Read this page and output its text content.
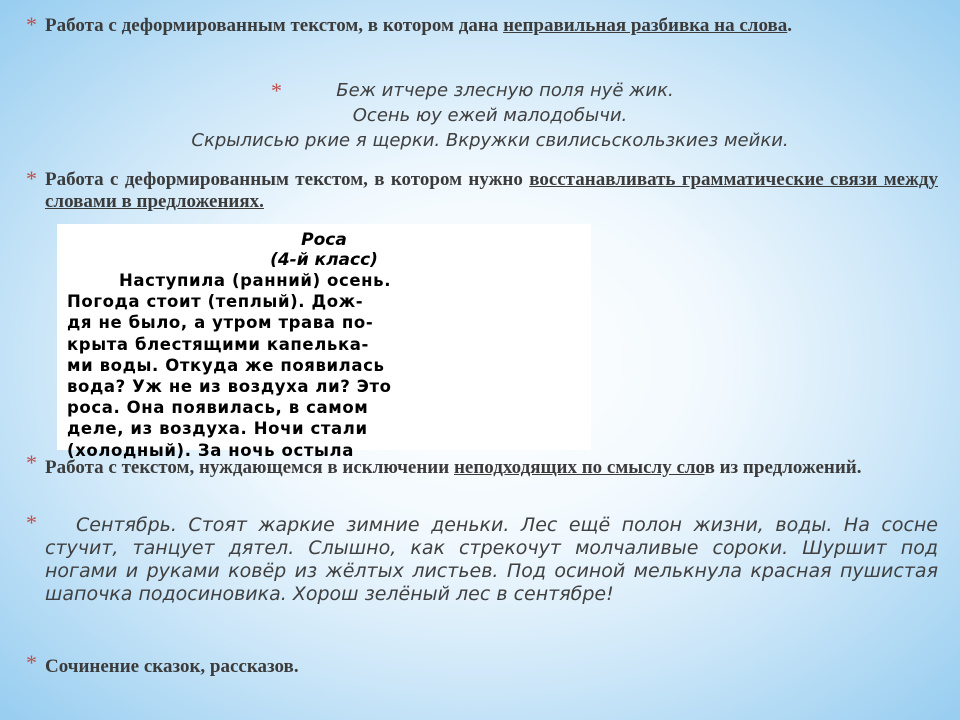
* Работа с деформированным текстом, в котором дана неправильная разбивка на слова.
*	Беж итчере злесную поля нуё жик.
Осень юу ежей малодобычи.
Скрылисью ркие я щерки. Вкружки свилисьскользкиез мейки.
* Работа с деформированным текстом, в котором нужно восстанавливать грамматические связи между словами в предложениях.
Роса
(4-й класс)
Наступила (ранний) осень.
Погода стоит (теплый). Дож-
дя не было, а утром трава по-
крыта блестящими капелька-
ми воды. Откуда же появилась
вода? Уж не из воздуха ли? Это
роса. Она появилась, в самом
деле, из воздуха. Ночи стали
(холодный). За ночь остыла
* Работа с текстом, нуждающемся в исключении неподходящих по смыслу слов из предложений.
*	Сентябрь. Стоят жаркие зимние деньки. Лес ещё полон жизни, воды. На сосне стучит, танцует дятел. Слышно, как стрекочут молчаливые сороки. Шуршит под ногами и руками ковёр из жёлтых листьев. Под осиной мелькнула красная пушистая шапочка подосиновика. Хорош зелёный лес в сентябре!
* Сочинение сказок, рассказов.
